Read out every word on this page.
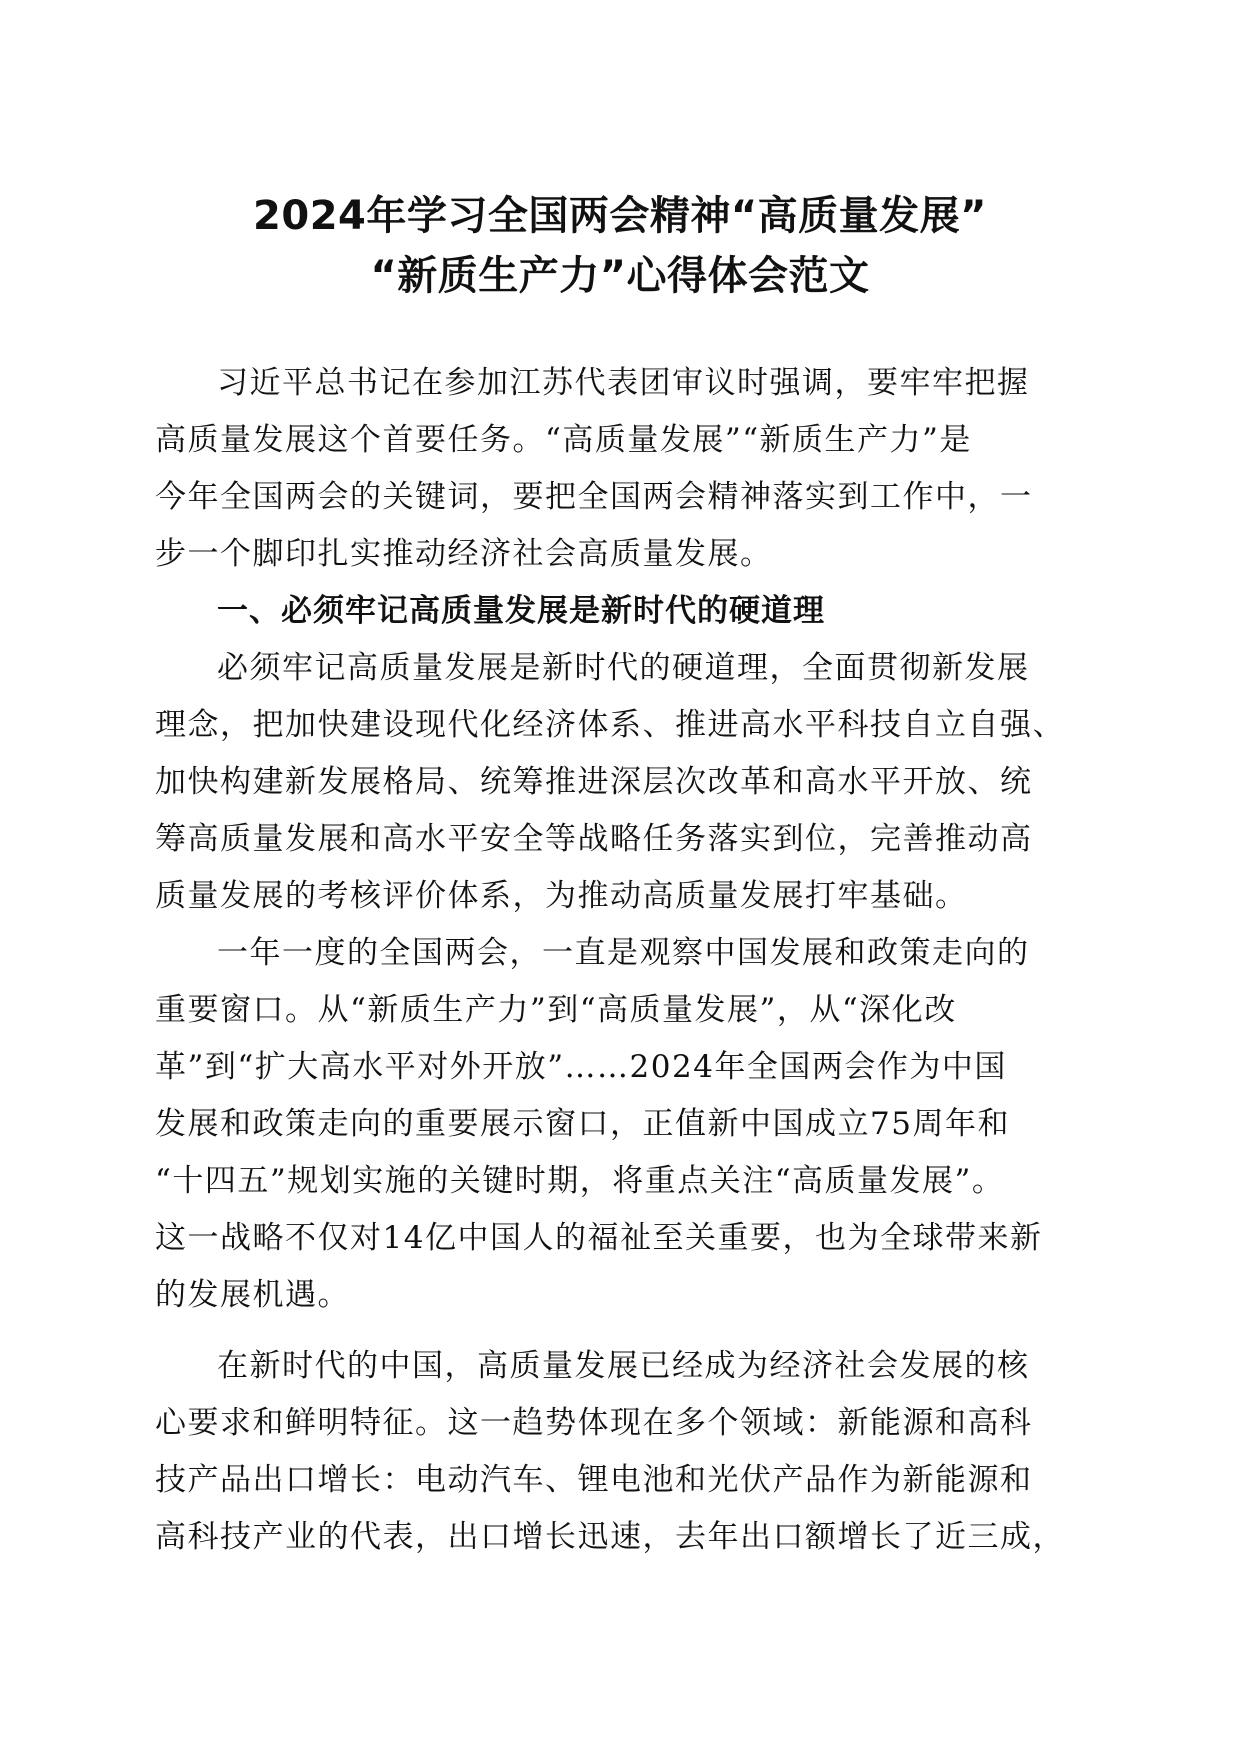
2024年学习全国两会精神“高质量发展”
“新质生产力”心得体会范文
习近平总书记在参加江苏代表团审议时强调，要牢牢把握
高质量发展这个首要任务。“高质量发展”“新质生产力”是
今年全国两会的关键词，要把全国两会精神落实到工作中，一
步一个脚印扎实推动经济社会高质量发展。
一、必须牢记高质量发展是新时代的硬道理
必须牢记高质量发展是新时代的硬道理，全面贯彻新发展
理念，把加快建设现代化经济体系、推进高水平科技自立自强、
加快构建新发展格局、统筹推进深层次改革和高水平开放、统
筹高质量发展和高水平安全等战略任务落实到位，完善推动高
质量发展的考核评价体系，为推动高质量发展打牢基础。
一年一度的全国两会，一直是观察中国发展和政策走向的
重要窗口。从“新质生产力”到“高质量发展”，从“深化改
革”到“扩大高水平对外开放”……2024年全国两会作为中国
发展和政策走向的重要展示窗口，正值新中国成立75周年和
“十四五”规划实施的关键时期，将重点关注“高质量发展”。
这一战略不仅对14亿中国人的福祉至关重要，也为全球带来新
的发展机遇。
在新时代的中国，高质量发展已经成为经济社会发展的核
心要求和鲜明特征。这一趋势体现在多个领域：新能源和高科
技产品出口增长：电动汽车、锂电池和光伏产品作为新能源和
高科技产业的代表，出口增长迅速，去年出口额增长了近三成，
